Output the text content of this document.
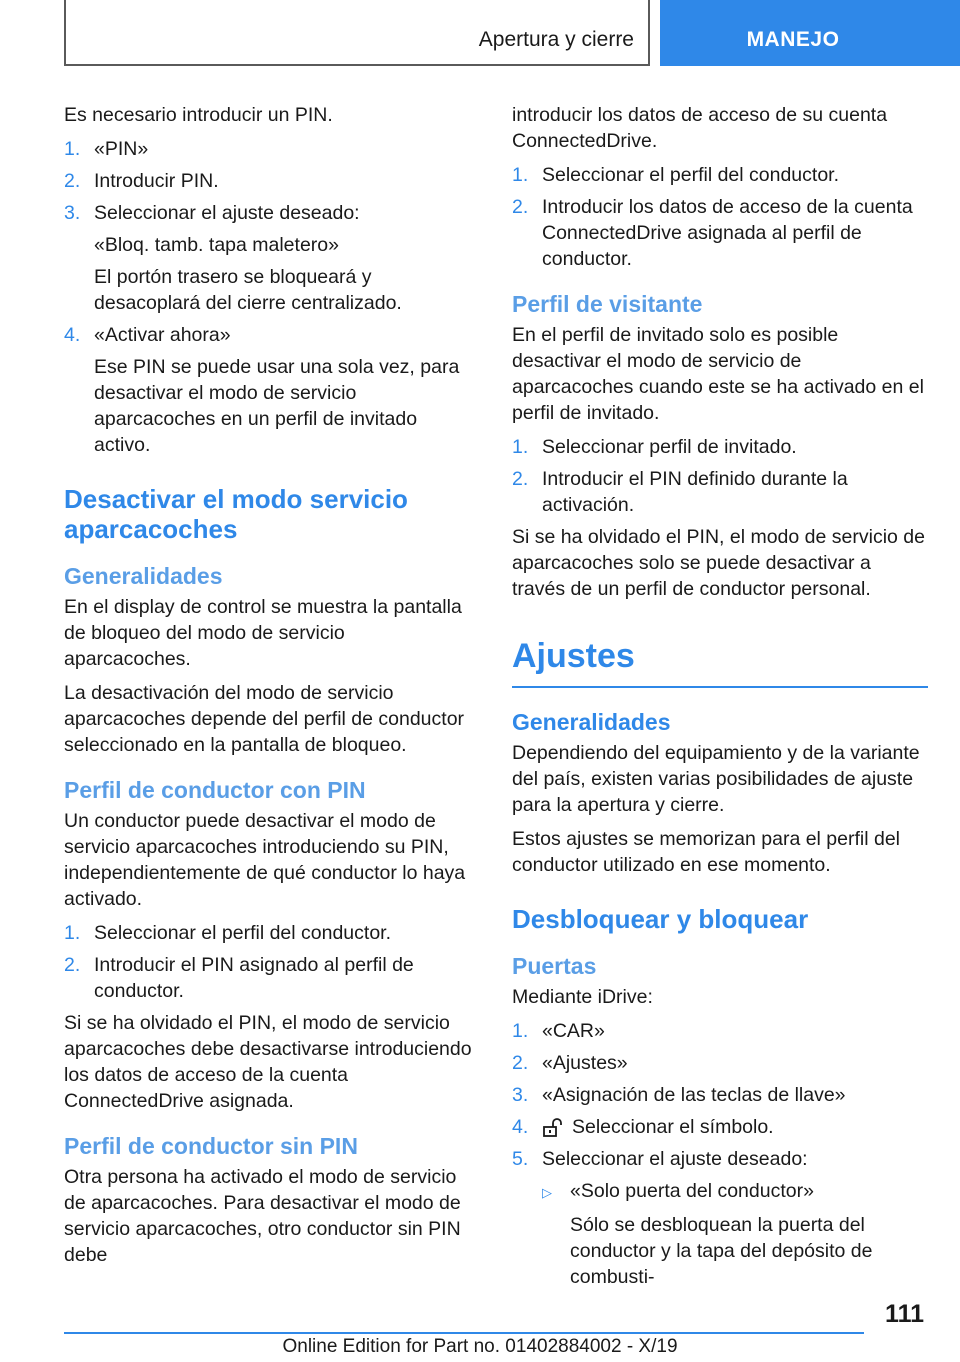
Apertura y cierre	MANEJO

Es necesario introducir un PIN.

1. «PIN»
2. Introducir PIN.
3. Seleccionar el ajuste deseado:
«Bloq. tamb. tapa maletero»
El portón trasero se bloqueará y desacoplará del cierre centralizado.
4. «Activar ahora»
Ese PIN se puede usar una sola vez, para desactivar el modo de servicio aparcacoches en un perfil de invitado activo.
Desactivar el modo servicio aparcacoches
Generalidades

En el display de control se muestra la pantalla de bloqueo del modo de servicio aparcacoches.

La desactivación del modo de servicio aparcacoches depende del perfil de conductor seleccionado en la pantalla de bloqueo.

Perfil de conductor con PIN

Un conductor puede desactivar el modo de servicio aparcacoches introduciendo su PIN, independientemente de qué conductor lo haya activado.

1. Seleccionar el perfil del conductor.
2. Introducir el PIN asignado al perfil de conductor.

Si se ha olvidado el PIN, el modo de servicio aparcacoches debe desactivarse introduciendo los datos de acceso de la cuenta ConnectedDrive asignada.

Perfil de conductor sin PIN

Otra persona ha activado el modo de servicio de aparcacoches. Para desactivar el modo de servicio aparcacoches, otro conductor sin PIN debe

introducir los datos de acceso de su cuenta ConnectedDrive.

1. Seleccionar el perfil del conductor.
2. Introducir los datos de acceso de la cuenta ConnectedDrive asignada al perfil de conductor.
Perfil de visitante

En el perfil de invitado solo es posible desactivar el modo de servicio de aparcacoches cuando este se ha activado en el perfil de invitado.

1. Seleccionar perfil de invitado.
2. Introducir el PIN definido durante la activación.

Si se ha olvidado el PIN, el modo de servicio de aparcacoches solo se puede desactivar a través de un perfil de conductor personal.

Ajustes
Generalidades

Dependiendo del equipamiento y de la variante del país, existen varias posibilidades de ajuste para la apertura y cierre.

Estos ajustes se memorizan para el perfil del conductor utilizado en ese momento.

Desbloquear y bloquear
Puertas

Mediante iDrive:

1. «CAR»
2. «Ajustes»
3. «Asignación de las teclas de llave»
4.	Seleccionar el símbolo.
5. Seleccionar el ajuste deseado:
▷ «Solo puerta del conductor»
Sólo se desbloquean la puerta del conductor y la tapa del depósito de combusti-
111
Online Edition for Part no. 01402884002 - X/19
